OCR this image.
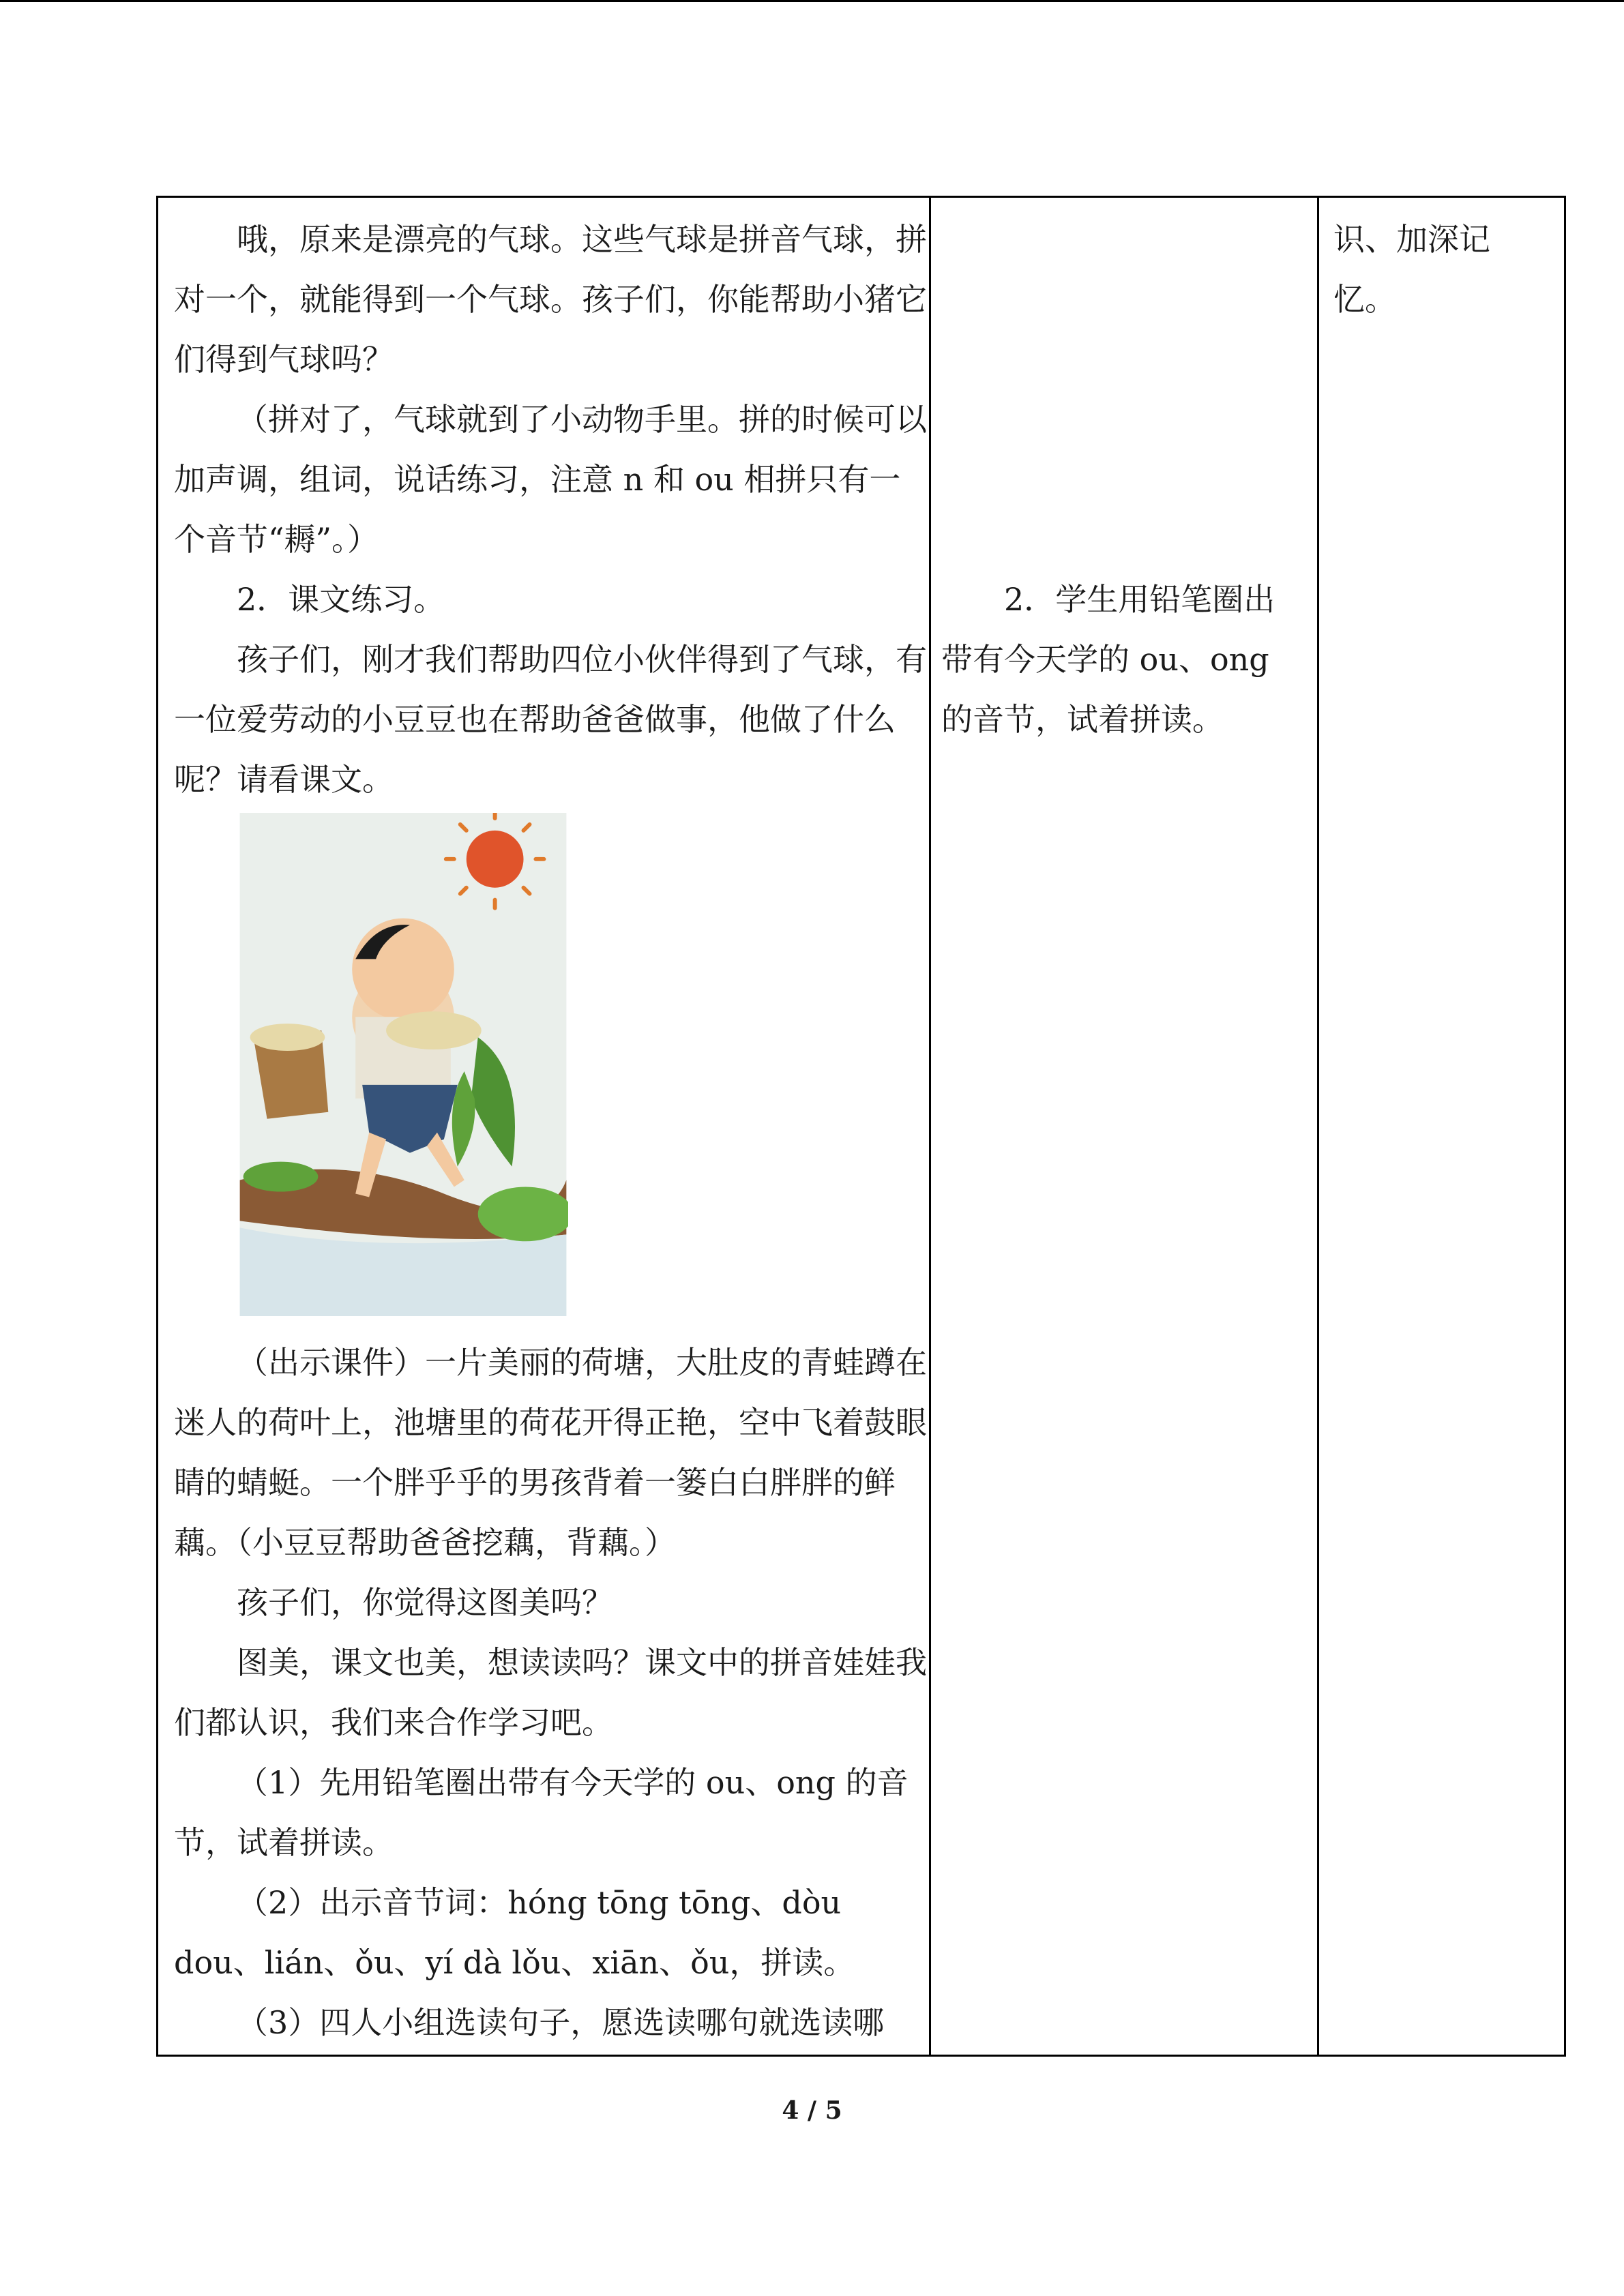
哦，原来是漂亮的气球。这些气球是拼音气球，拼对一个，就能得到一个气球。孩子们，你能帮助小猪它们得到气球吗？

（拼对了，气球就到了小动物手里。拼的时候可以加声调，组词，说话练习，注意 n 和 ou 相拼只有一个音节“耨”。）

2．课文练习。

孩子们，刚才我们帮助四位小伙伴得到了气球，有一位爱劳动的小豆豆也在帮助爸爸做事，他做了什么呢？请看课文。

（出示课件）一片美丽的荷塘，大肚皮的青蛙蹲在迷人的荷叶上，池塘里的荷花开得正艳，空中飞着鼓眼睛的蜻蜓。一个胖乎乎的男孩背着一篓白白胖胖的鲜藕。（小豆豆帮助爸爸挖藕，背藕。）

孩子们，你觉得这图美吗？

图美，课文也美，想读读吗？课文中的拼音娃娃我们都认识，我们来合作学习吧。

（1）先用铅笔圈出带有今天学的 ou、ong 的音节，试着拼读。

（2）出示音节词：hóng tōng tōng、dòu dou、lián、ǒu、yí dà lǒu、xiān、ǒu，拼读。

（3）四人小组选读句子，愿选读哪句就选读哪

2．学生用铅笔圈出带有今天学的 ou、ong 的音节，试着拼读。

识、加深记忆。

4 / 5
